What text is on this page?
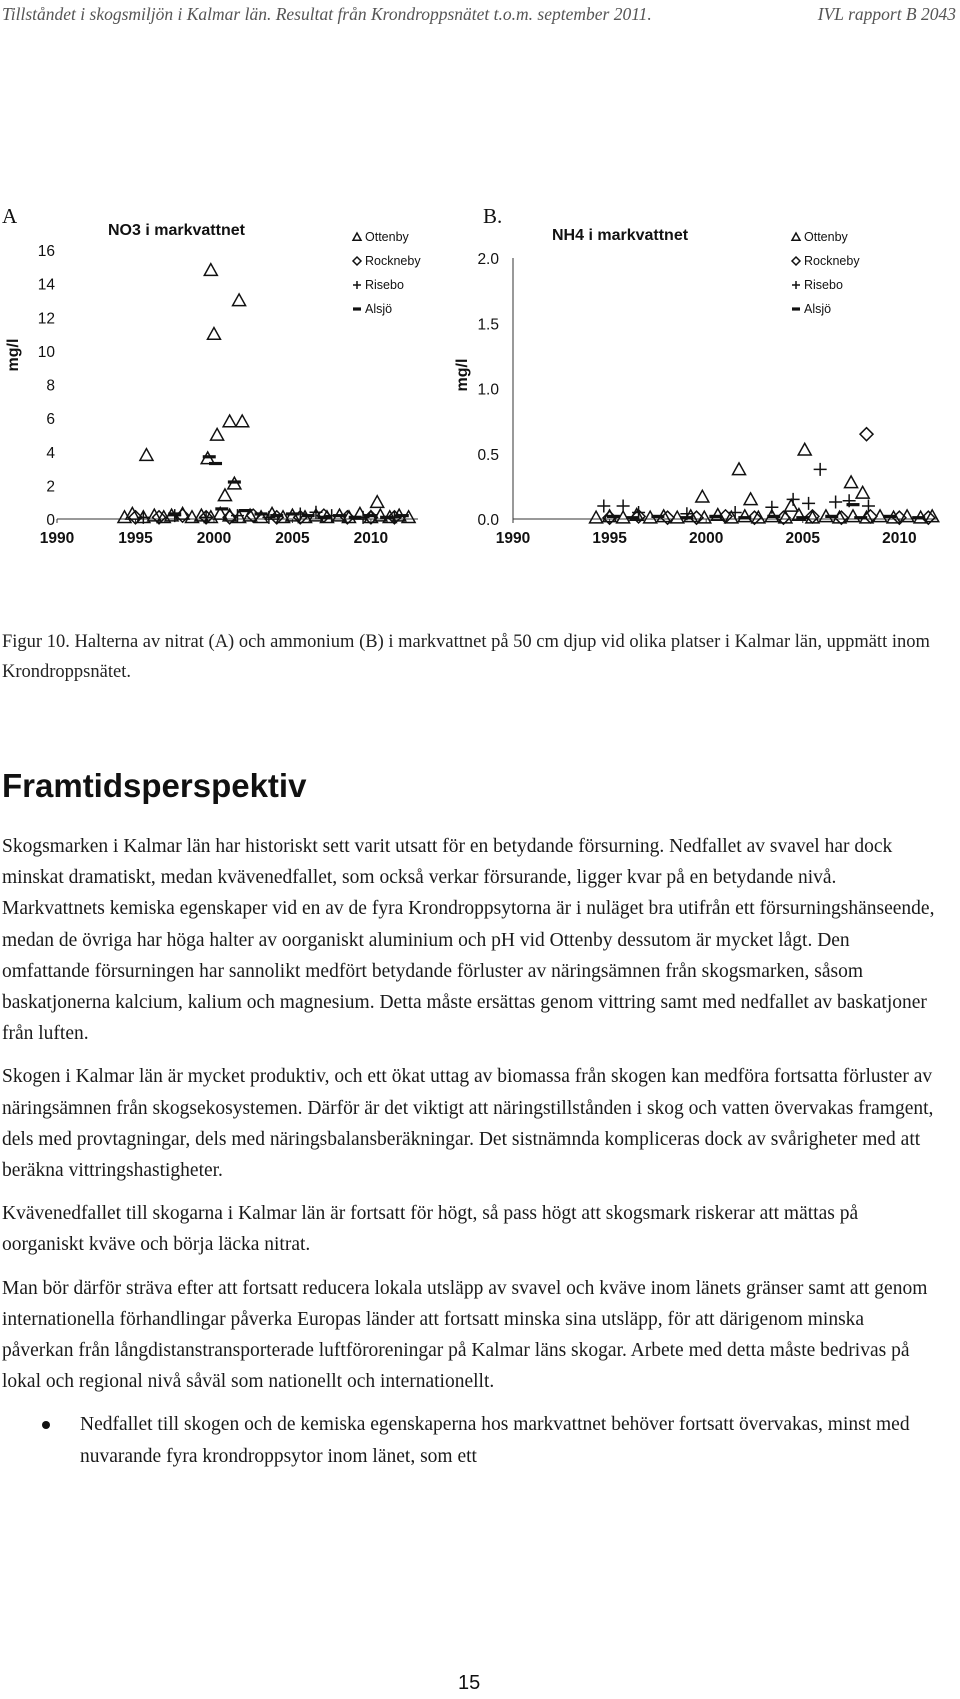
Tillståndet i skogsmiljön i Kalmar län. Resultat från Krondroppsnätet t.o.m. september 2011.	IVL rapport B 2043
A	B.
0
2
4
6
8
10
12
14
16
1990	1995	2000	2005	2010
mg/l
NO3 i markvattnet	Ottenby
Rockneby
Risebo
Alsjö
0.0
0.5
1.0
1.5
2.0
1990	1995	2000	2005	2010
mg/l
NH4 i markvattnet	Ottenby
Rockneby
Risebo
Alsjö
Figur 10. Halterna av nitrat (A) och ammonium (B) i markvattnet på 50 cm djup vid olika platser i Kalmar län, uppmätt inom Krondroppsnätet.
Framtidsperspektiv

Skogsmarken i Kalmar län har historiskt sett varit utsatt för en betydande försurning. Nedfallet av svavel har dock minskat dramatiskt, medan kvävenedfallet, som också verkar försurande, ligger kvar på en betydande nivå. Markvattnets kemiska egenskaper vid en av de fyra Krondroppsytorna är i nuläget bra utifrån ett försurningshänseende, medan de övriga har höga halter av oorganiskt aluminium och pH vid Ottenby dessutom är mycket lågt. Den omfattande försurningen har sannolikt medfört betydande förluster av näringsämnen från skogsmarken, såsom baskatjonerna kalcium, kalium och magnesium. Detta måste ersättas genom vittring samt med nedfallet av baskatjoner från luften.

Skogen i Kalmar län är mycket produktiv, och ett ökat uttag av biomassa från skogen kan medföra fortsatta förluster av näringsämnen från skogsekosystemen. Därför är det viktigt att näringstillstånden i skog och vatten övervakas framgent, dels med provtagningar, dels med näringsbalansberäkningar. Det sistnämnda kompliceras dock av svårigheter med att beräkna vittringshastigheter.

Kvävenedfallet till skogarna i Kalmar län är fortsatt för högt, så pass högt att skogsmark riskerar att mättas på oorganiskt kväve och börja läcka nitrat.

Man bör därför sträva efter att fortsatt reducera lokala utsläpp av svavel och kväve inom länets gränser samt att genom internationella förhandlingar påverka Europas länder att fortsatt minska sina utsläpp, för att därigenom minska påverkan från långdistanstransporterade luftföroreningar på Kalmar läns skogar. Arbete med detta måste bedrivas på lokal och regional nivå såväl som nationellt och internationellt.

Nedfallet till skogen och de kemiska egenskaperna hos markvattnet behöver fortsatt övervakas, minst med nuvarande fyra krondroppsytor inom länet, som ett
15
